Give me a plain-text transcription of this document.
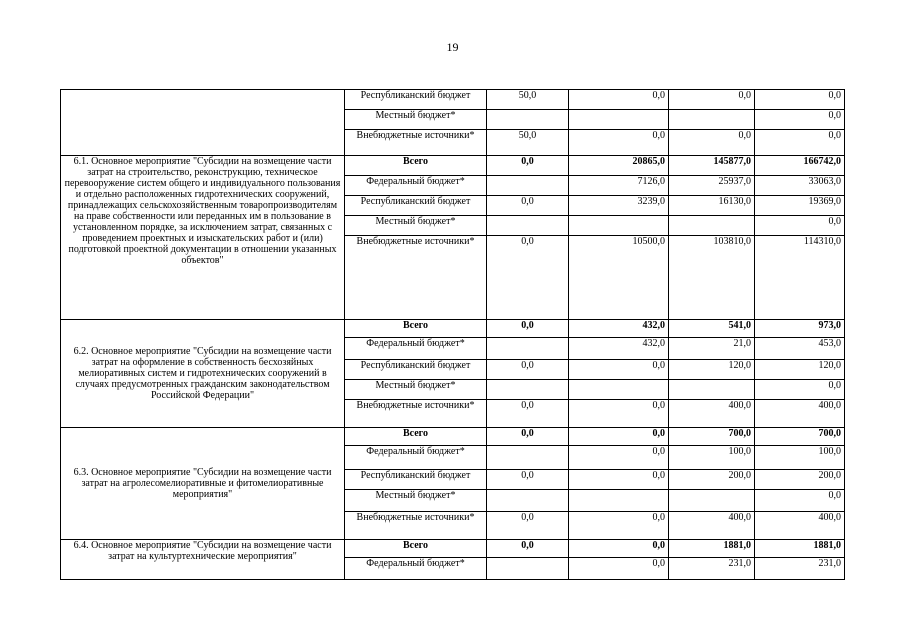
19
	Республиканский бюджет	50,0	0,0	0,0	0,0
	Местный бюджет*				0,0
	Внебюджетные источники*	50,0	0,0	0,0	0,0
6.1. Основное мероприятие "Субсидии на возмещение части затрат на строительство, реконструкцию, техническое перевооружение систем общего и индивидуального пользования и отдельно расположенных гидротехнических сооружений, принадлежащих сельскохозяйственным товаропроизводителям на праве собственности или переданных им в пользование в установленном порядке, за исключением затрат, связанных с проведением проектных и изыскательских работ и (или) подготовкой проектной документации в отношении указанных объектов"	Всего	0,0	20865,0	145877,0	166742,0
	Федеральный бюджет*		7126,0	25937,0	33063,0
	Республиканский бюджет	0,0	3239,0	16130,0	19369,0
	Местный бюджет*				0,0
	Внебюджетные источники*	0,0	10500,0	103810,0	114310,0
6.2. Основное мероприятие "Субсидии на возмещение части затрат на оформление в собственность бесхозяйных мелиоративных систем и гидротехнических сооружений в случаях предусмотренных гражданским законодательством Российской Федерации"	Всего	0,0	432,0	541,0	973,0
	Федеральный бюджет*		432,0	21,0	453,0
	Республиканский бюджет	0,0	0,0	120,0	120,0
	Местный бюджет*				0,0
	Внебюджетные источники*	0,0	0,0	400,0	400,0
6.3. Основное мероприятие "Субсидии на возмещение части затрат на агролесомелиоративные и фитомелиоративные мероприятия"	Всего	0,0	0,0	700,0	700,0
	Федеральный бюджет*		0,0	100,0	100,0
	Республиканский бюджет	0,0	0,0	200,0	200,0
	Местный бюджет*				0,0
	Внебюджетные источники*	0,0	0,0	400,0	400,0
6.4. Основное мероприятие "Субсидии на возмещение части затрат на культуртехнические мероприятия"	Всего	0,0	0,0	1881,0	1881,0
	Федеральный бюджет*		0,0	231,0	231,0
